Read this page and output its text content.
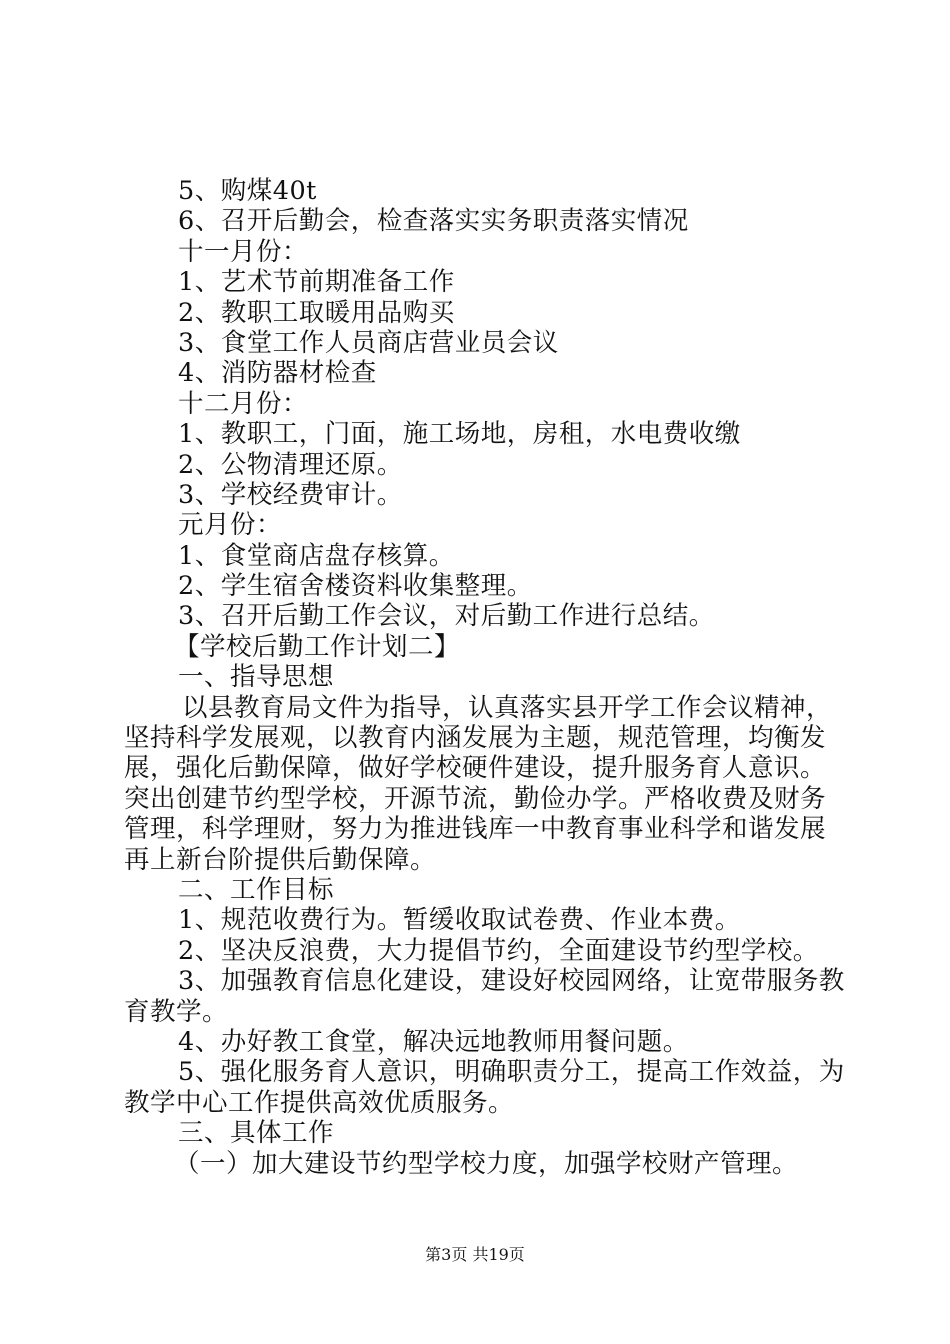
5、购煤40t
6、召开后勤会，检查落实实务职责落实情况
十一月份：
1、艺术节前期准备工作
2、教职工取暖用品购买
3、食堂工作人员商店营业员会议
4、消防器材检查
十二月份：
1、教职工，门面，施工场地，房租，水电费收缴
2、公物清理还原。
3、学校经费审计。
元月份：
1、食堂商店盘存核算。
2、学生宿舍楼资料收集整理。
3、召开后勤工作会议，对后勤工作进行总结。
【学校后勤工作计划二】
一、指导思想
以县教育局文件为指导，认真落实县开学工作会议精神，
坚持科学发展观，以教育内涵发展为主题，规范管理，均衡发
展，强化后勤保障，做好学校硬件建设，提升服务育人意识。
突出创建节约型学校，开源节流，勤俭办学。严格收费及财务
管理，科学理财，努力为推进钱库一中教育事业科学和谐发展
再上新台阶提供后勤保障。
二、工作目标
1、规范收费行为。暂缓收取试卷费、作业本费。
2、坚决反浪费，大力提倡节约，全面建设节约型学校。
3、加强教育信息化建设，建设好校园网络，让宽带服务教
育教学。
4、办好教工食堂，解决远地教师用餐问题。
5、强化服务育人意识，明确职责分工，提高工作效益，为
教学中心工作提供高效优质服务。
三、具体工作
（一）加大建设节约型学校力度，加强学校财产管理。
第3页 共19页
